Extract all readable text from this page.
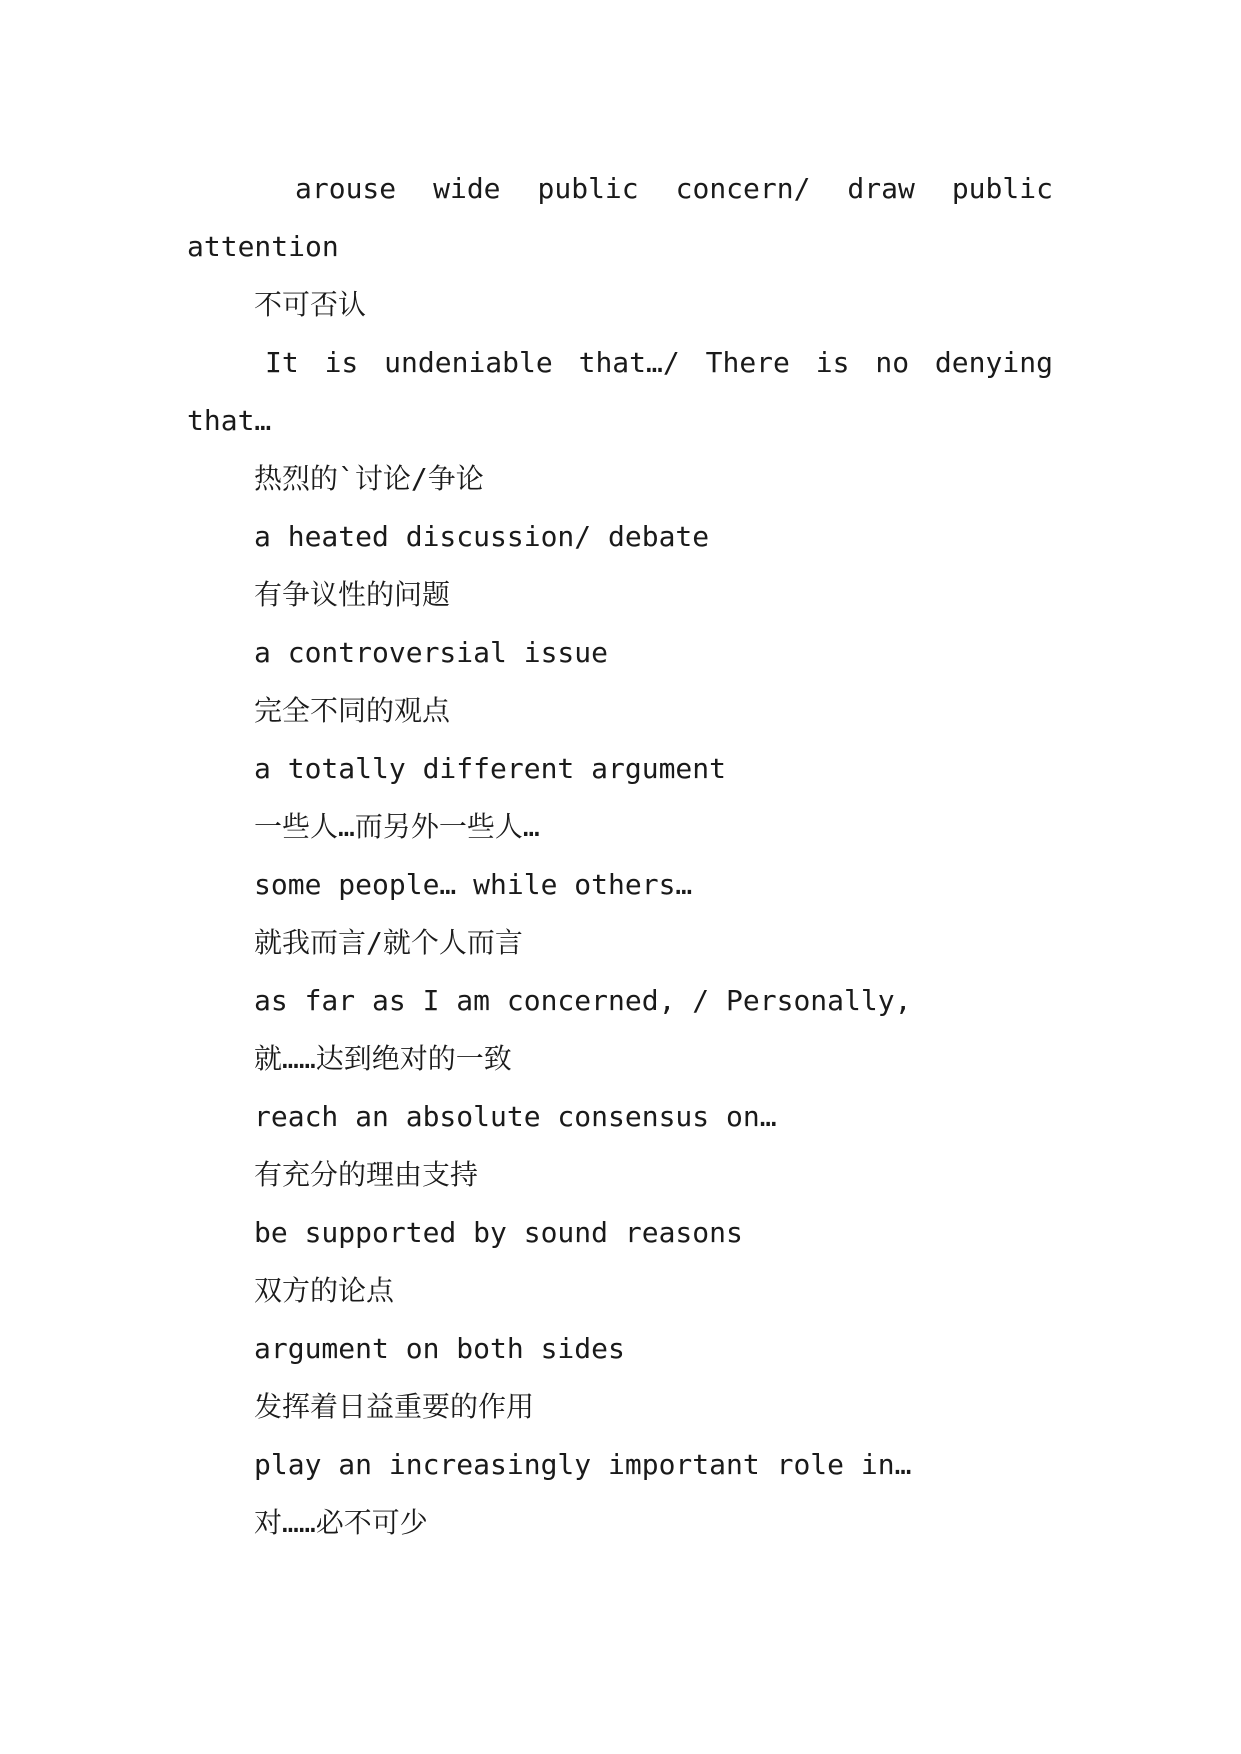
arouse wide public concern/ draw public

attention

不可否认

It is undeniable that…/ There is no denying

that…

热烈的`讨论/争论

a heated discussion/ debate

有争议性的问题

a controversial issue

完全不同的观点

a totally different argument

一些人…而另外一些人…

some people… while others…

就我而言/就个人而言

as far as I am concerned, / Personally,

就……达到绝对的一致

reach an absolute consensus on…

有充分的理由支持

be supported by sound reasons

双方的论点

argument on both sides

发挥着日益重要的作用

play an increasingly important role in…

对……必不可少
